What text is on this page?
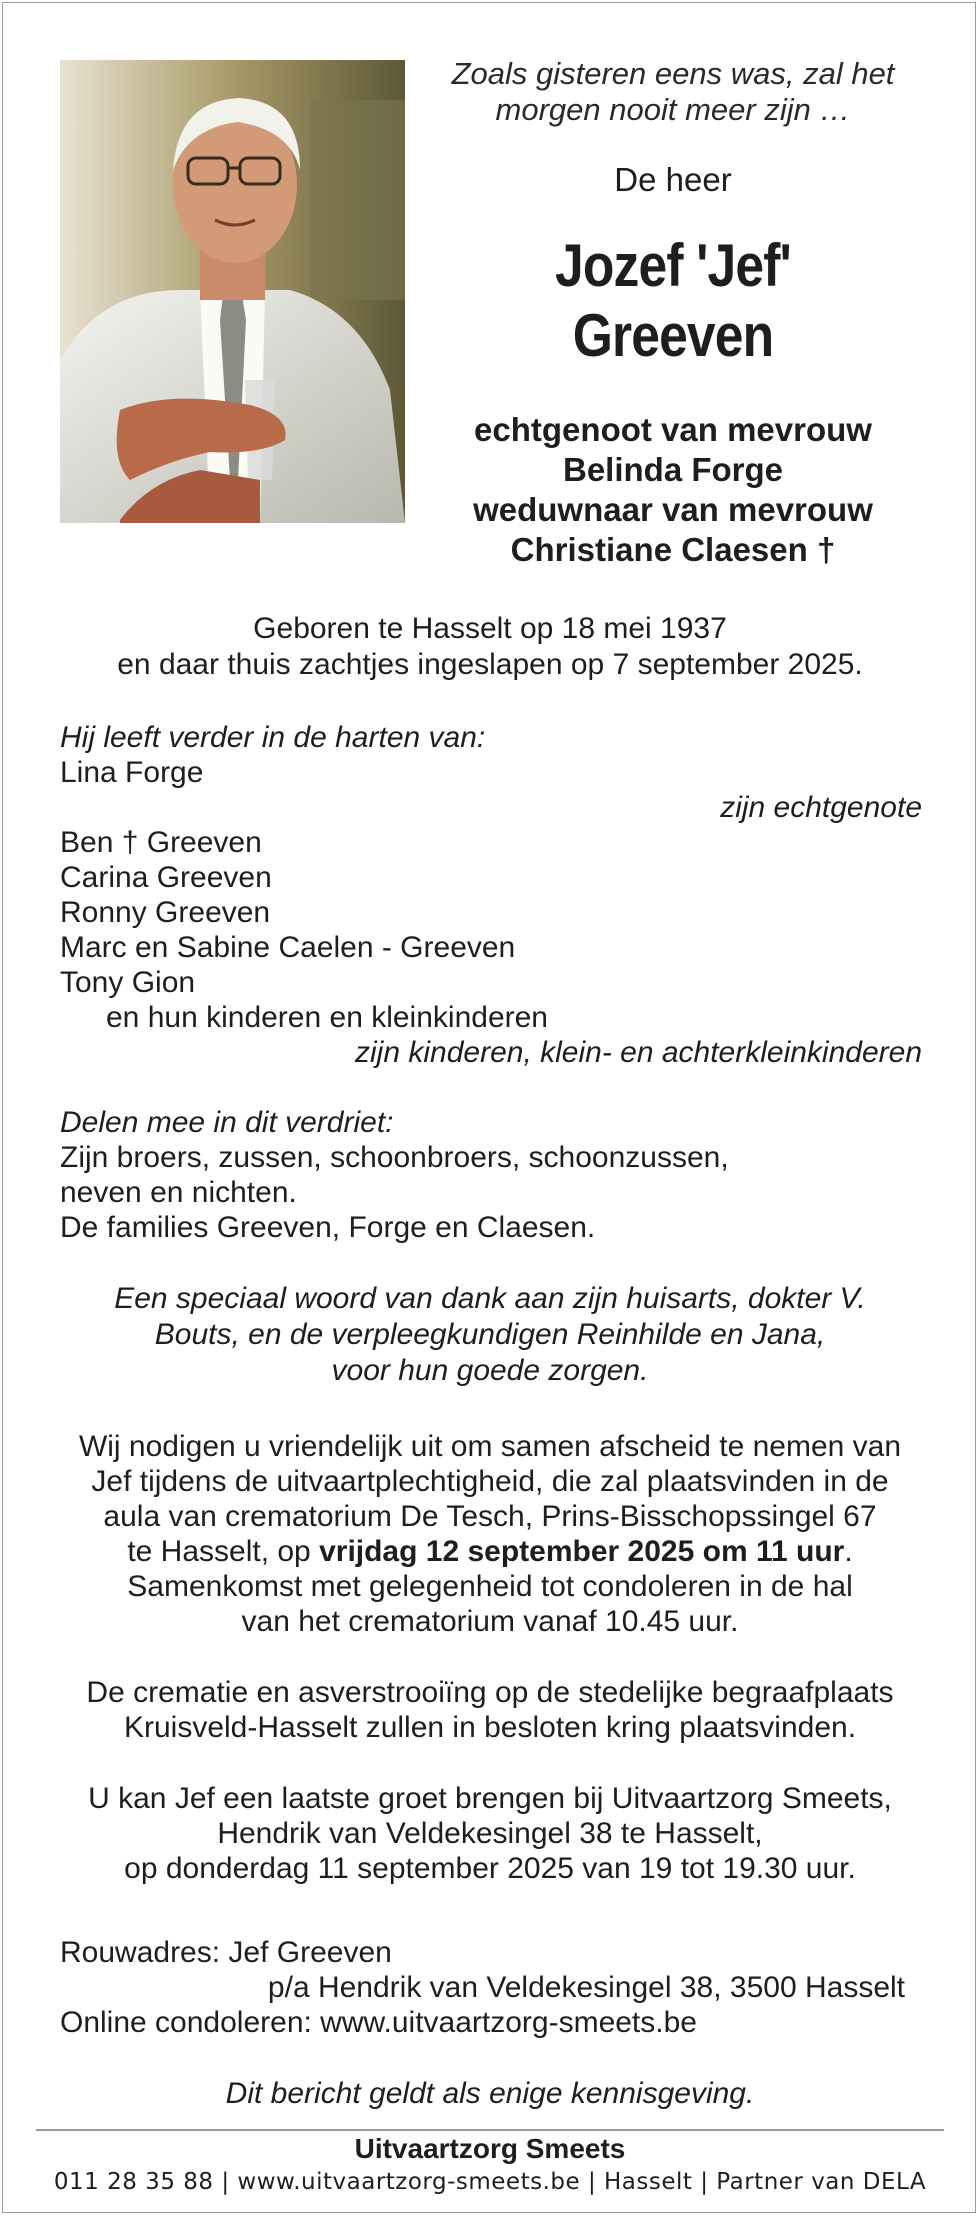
Zoals gisteren eens was, zal het
morgen nooit meer zijn …
De heer
Jozef 'Jef'
Greeven
echtgenoot van mevrouw
Belinda Forge
weduwnaar van mevrouw
Christiane Claesen †
Geboren te Hasselt op 18 mei 1937
en daar thuis zachtjes ingeslapen op 7 september 2025.
Hij leeft verder in de harten van:
Lina Forge
zijn echtgenote
Ben † Greeven
Carina Greeven
Ronny Greeven
Marc en Sabine Caelen - Greeven
Tony Gion
en hun kinderen en kleinkinderen
zijn kinderen, klein- en achterkleinkinderen
Delen mee in dit verdriet:
Zijn broers, zussen, schoonbroers, schoonzussen,
neven en nichten.
De families Greeven, Forge en Claesen.
Een speciaal woord van dank aan zijn huisarts, dokter V.
Bouts, en de verpleegkundigen Reinhilde en Jana,
voor hun goede zorgen.
Wij nodigen u vriendelijk uit om samen afscheid te nemen van
Jef tijdens de uitvaartplechtigheid, die zal plaatsvinden in de
aula van crematorium De Tesch, Prins-Bisschopssingel 67
te Hasselt, op vrijdag 12 september 2025 om 11 uur.
Samenkomst met gelegenheid tot condoleren in de hal
van het crematorium vanaf 10.45 uur.
De crematie en asverstrooiïng op de stedelijke begraafplaats
Kruisveld-Hasselt zullen in besloten kring plaatsvinden.
U kan Jef een laatste groet brengen bij Uitvaartzorg Smeets,
Hendrik van Veldekesingel 38 te Hasselt,
op donderdag 11 september 2025 van 19 tot 19.30 uur.
Rouwadres: Jef Greeven
p/a Hendrik van Veldekesingel 38, 3500 Hasselt
Online condoleren: www.uitvaartzorg-smeets.be
Dit bericht geldt als enige kennisgeving.
Uitvaartzorg Smeets
011 28 35 88 | www.uitvaartzorg-smeets.be | Hasselt | Partner van DELA
